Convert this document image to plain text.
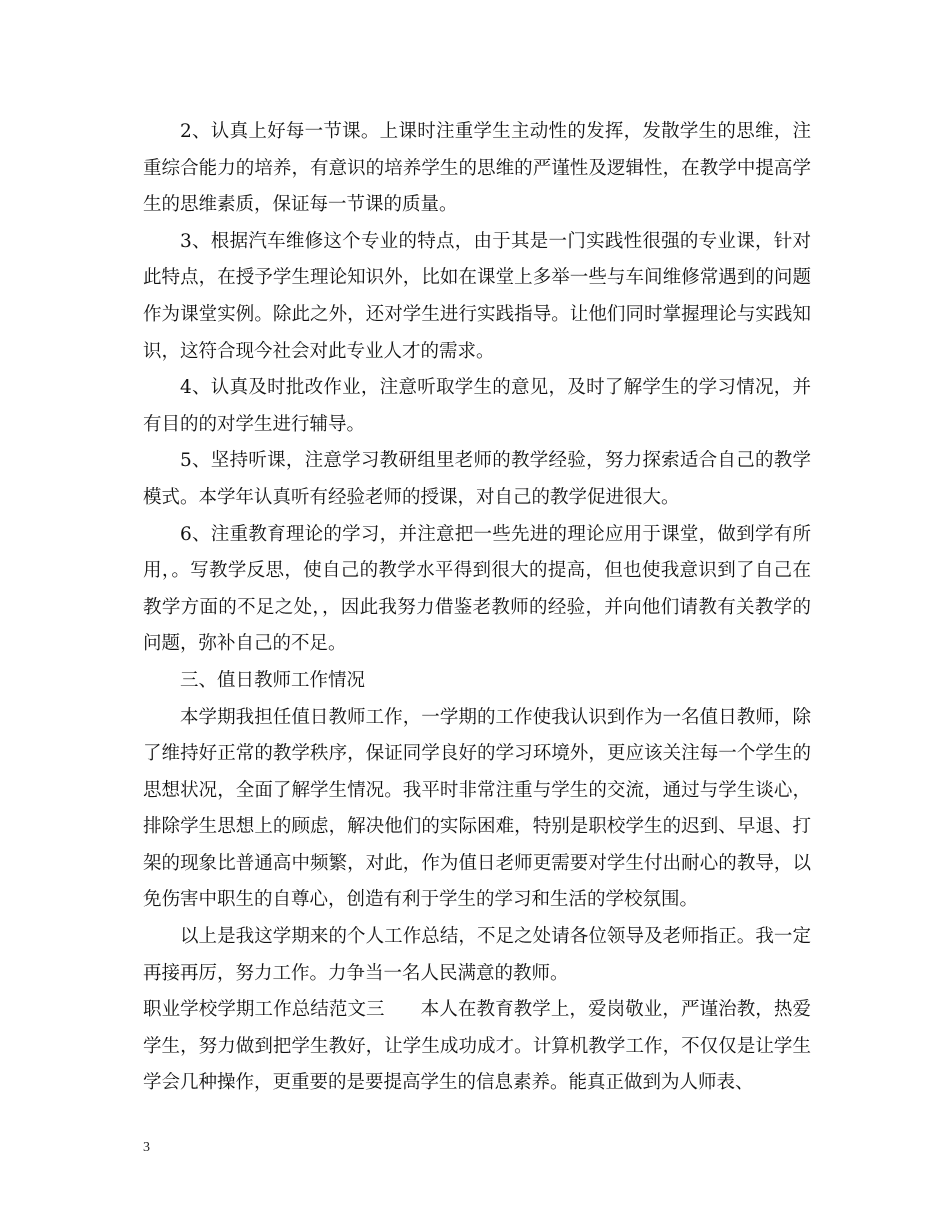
2、认真上好每一节课。上课时注重学生主动性的发挥，发散学生的思维，注重综合能力的培养，有意识的培养学生的思维的严谨性及逻辑性，在教学中提高学生的思维素质，保证每一节课的质量。

3、根据汽车维修这个专业的特点，由于其是一门实践性很强的专业课，针对此特点，在授予学生理论知识外，比如在课堂上多举一些与车间维修常遇到的问题作为课堂实例。除此之外，还对学生进行实践指导。让他们同时掌握理论与实践知识，这符合现今社会对此专业人才的需求。

4、认真及时批改作业，注意听取学生的意见，及时了解学生的学习情况，并有目的的对学生进行辅导。

5、坚持听课，注意学习教研组里老师的教学经验，努力探索适合自己的教学模式。本学年认真听有经验老师的授课，对自己的教学促进很大。

6、注重教育理论的学习，并注意把一些先进的理论应用于课堂，做到学有所用，。写教学反思，使自己的教学水平得到很大的提高，但也使我意识到了自己在教学方面的不足之处，，因此我努力借鉴老教师的经验，并向他们请教有关教学的问题，弥补自己的不足。

三、值日教师工作情况

本学期我担任值日教师工作，一学期的工作使我认识到作为一名值日教师，除了维持好正常的教学秩序，保证同学良好的学习环境外，更应该关注每一个学生的思想状况，全面了解学生情况。我平时非常注重与学生的交流，通过与学生谈心，排除学生思想上的顾虑，解决他们的实际困难，特别是职校学生的迟到、早退、打架的现象比普通高中频繁，对此，作为值日老师更需要对学生付出耐心的教导，以免伤害中职生的自尊心，创造有利于学生的学习和生活的学校氛围。

以上是我这学期来的个人工作总结，不足之处请各位领导及老师指正。我一定再接再厉，努力工作。力争当一名人民满意的教师。

职业学校学期工作总结范文三 本人在教育教学上，爱岗敬业，严谨治教，热爱学生，努力做到把学生教好，让学生成功成才。计算机教学工作，不仅仅是让学生学会几种操作，更重要的是要提高学生的信息素养。能真正做到为人师表、

3
